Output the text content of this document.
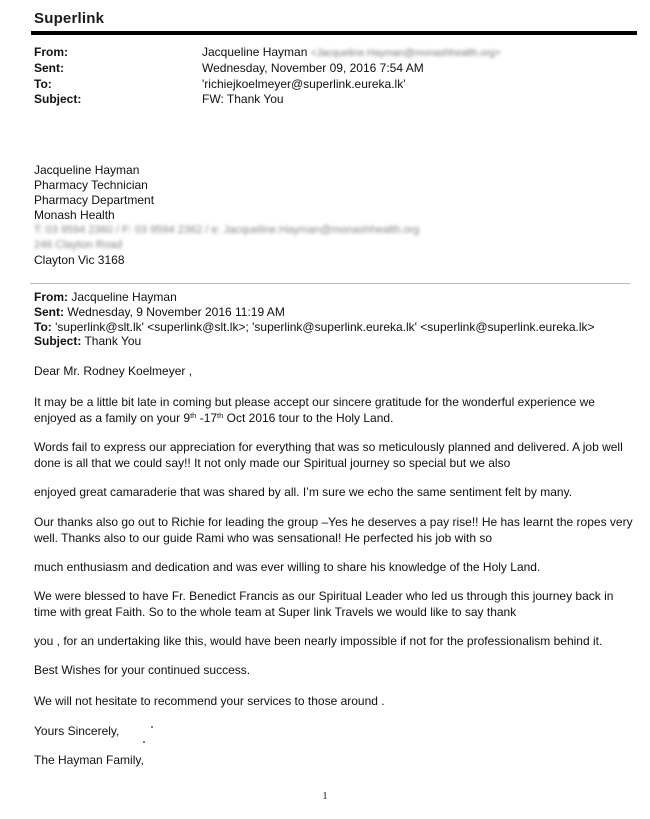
Superlink
From:	Jacqueline Hayman <Jacqueline.Hayman@monashhealth.org>
Sent:	Wednesday, November 09, 2016 7:54 AM
To:	'richiejkoelmeyer@superlink.eureka.lk'
Subject:	FW: Thank You
Jacqueline Hayman
Pharmacy Technician
Pharmacy Department
Monash Health
T: 03 9594 2360 / F: 03 9594 2362 / e: Jacqueline.Hayman@monashhealth.org
246 Clayton Road
Clayton Vic 3168
From: Jacqueline Hayman
Sent: Wednesday, 9 November 2016 11:19 AM
To: 'superlink@slt.lk' <superlink@slt.lk>; 'superlink@superlink.eureka.lk' <superlink@superlink.eureka.lk>
Subject: Thank You
Dear Mr. Rodney Koelmeyer ,
It may be a little bit late in coming but please accept our sincere gratitude for the wonderful experience we enjoyed as a family on your 9th -17th Oct 2016 tour to the Holy Land.
Words fail to express our appreciation for everything that was so meticulously planned and delivered. A job well done is all that we could say!! It not only made our Spiritual journey so special but we also
enjoyed great camaraderie that was shared by all. I’m sure we echo the same sentiment felt by many.
Our thanks also go out to Richie for leading the group –Yes he deserves a pay rise!! He has learnt the ropes very well. Thanks also to our guide Rami who was sensational! He perfected his job with so
much enthusiasm and dedication and was ever willing to share his knowledge of the Holy Land.
We were blessed to have Fr. Benedict Francis as our Spiritual Leader who led us through this journey back in time with great Faith. So to the whole team at Super link Travels we would like to say thank
you , for an undertaking like this, would have been nearly impossible if not for the professionalism behind it.
Best Wishes for your continued success.
We will not hesitate to recommend your services to those around .
Yours Sincerely,
The Hayman Family,
1
